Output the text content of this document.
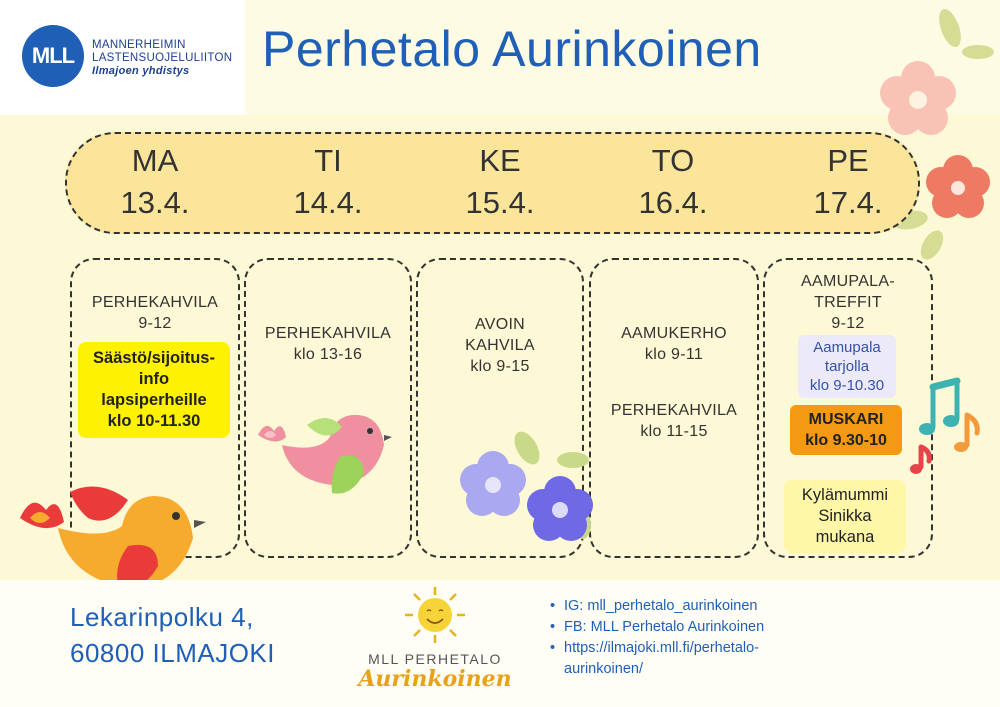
MLL	MANNERHEIMIN
LASTENSUOJELULIITON
Ilmajoen yhdistys Perhetalo Aurinkoinen
MA
13.4.
TI
14.4.
KE
15.4.
TO
16.4.
PE
17.4.
PERHEKAHVILA
9-12
Säästö/sijoitus-
info
lapsiperheille
klo 10-11.30
PERHEKAHVILA
klo 13-16
AVOIN
KAHVILA
klo 9-15
AAMUKERHO
klo 9-11
PERHEKAHVILA
klo 11-15
AAMUPALA-
TREFFIT
9-12
Aamupala
tarjolla
klo 9-10.30
MUSKARI
klo 9.30-10
Kylämummi
Sinikka
mukana
Lekarinpolku 4,
60800 ILMAJOKI	MLL PERHETALO
Aurinkoinen
• IG: mll_perhetalo_aurinkoinen
• FB: MLL Perhetalo Aurinkoinen
• https://ilmajoki.mll.fi/perhetalo-
aurinkoinen/
